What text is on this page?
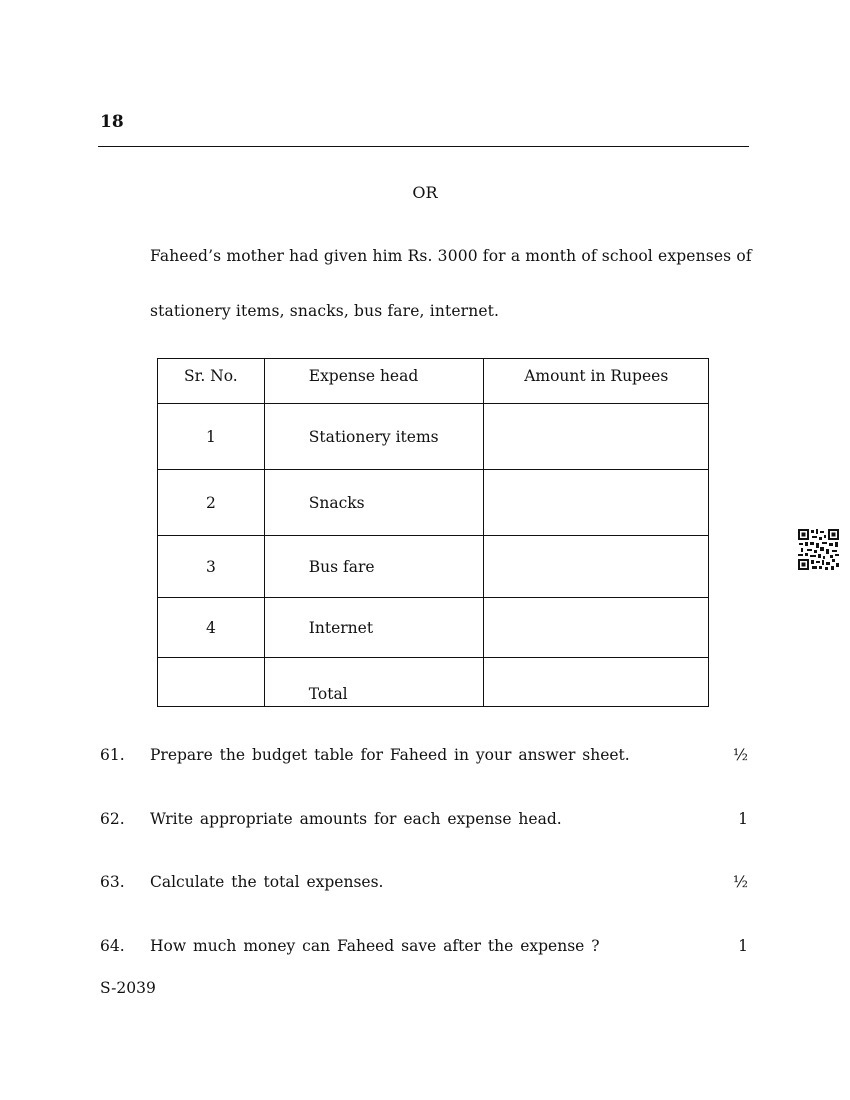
18
OR
Faheed’s mother had given him Rs. 3000 for a month of school expenses of
stationery items, snacks, bus fare, internet.
Sr. No.	Expense head	Amount in Rupees
1	Stationery items	
2	Snacks	
3	Bus fare	
4	Internet	
	Total	
61. Prepare the budget table for Faheed in your answer sheet.	½
62. Write appropriate amounts for each expense head.	1
63. Calculate the total expenses.	½
64. How much money can Faheed save after the expense ?	1
S-2039
